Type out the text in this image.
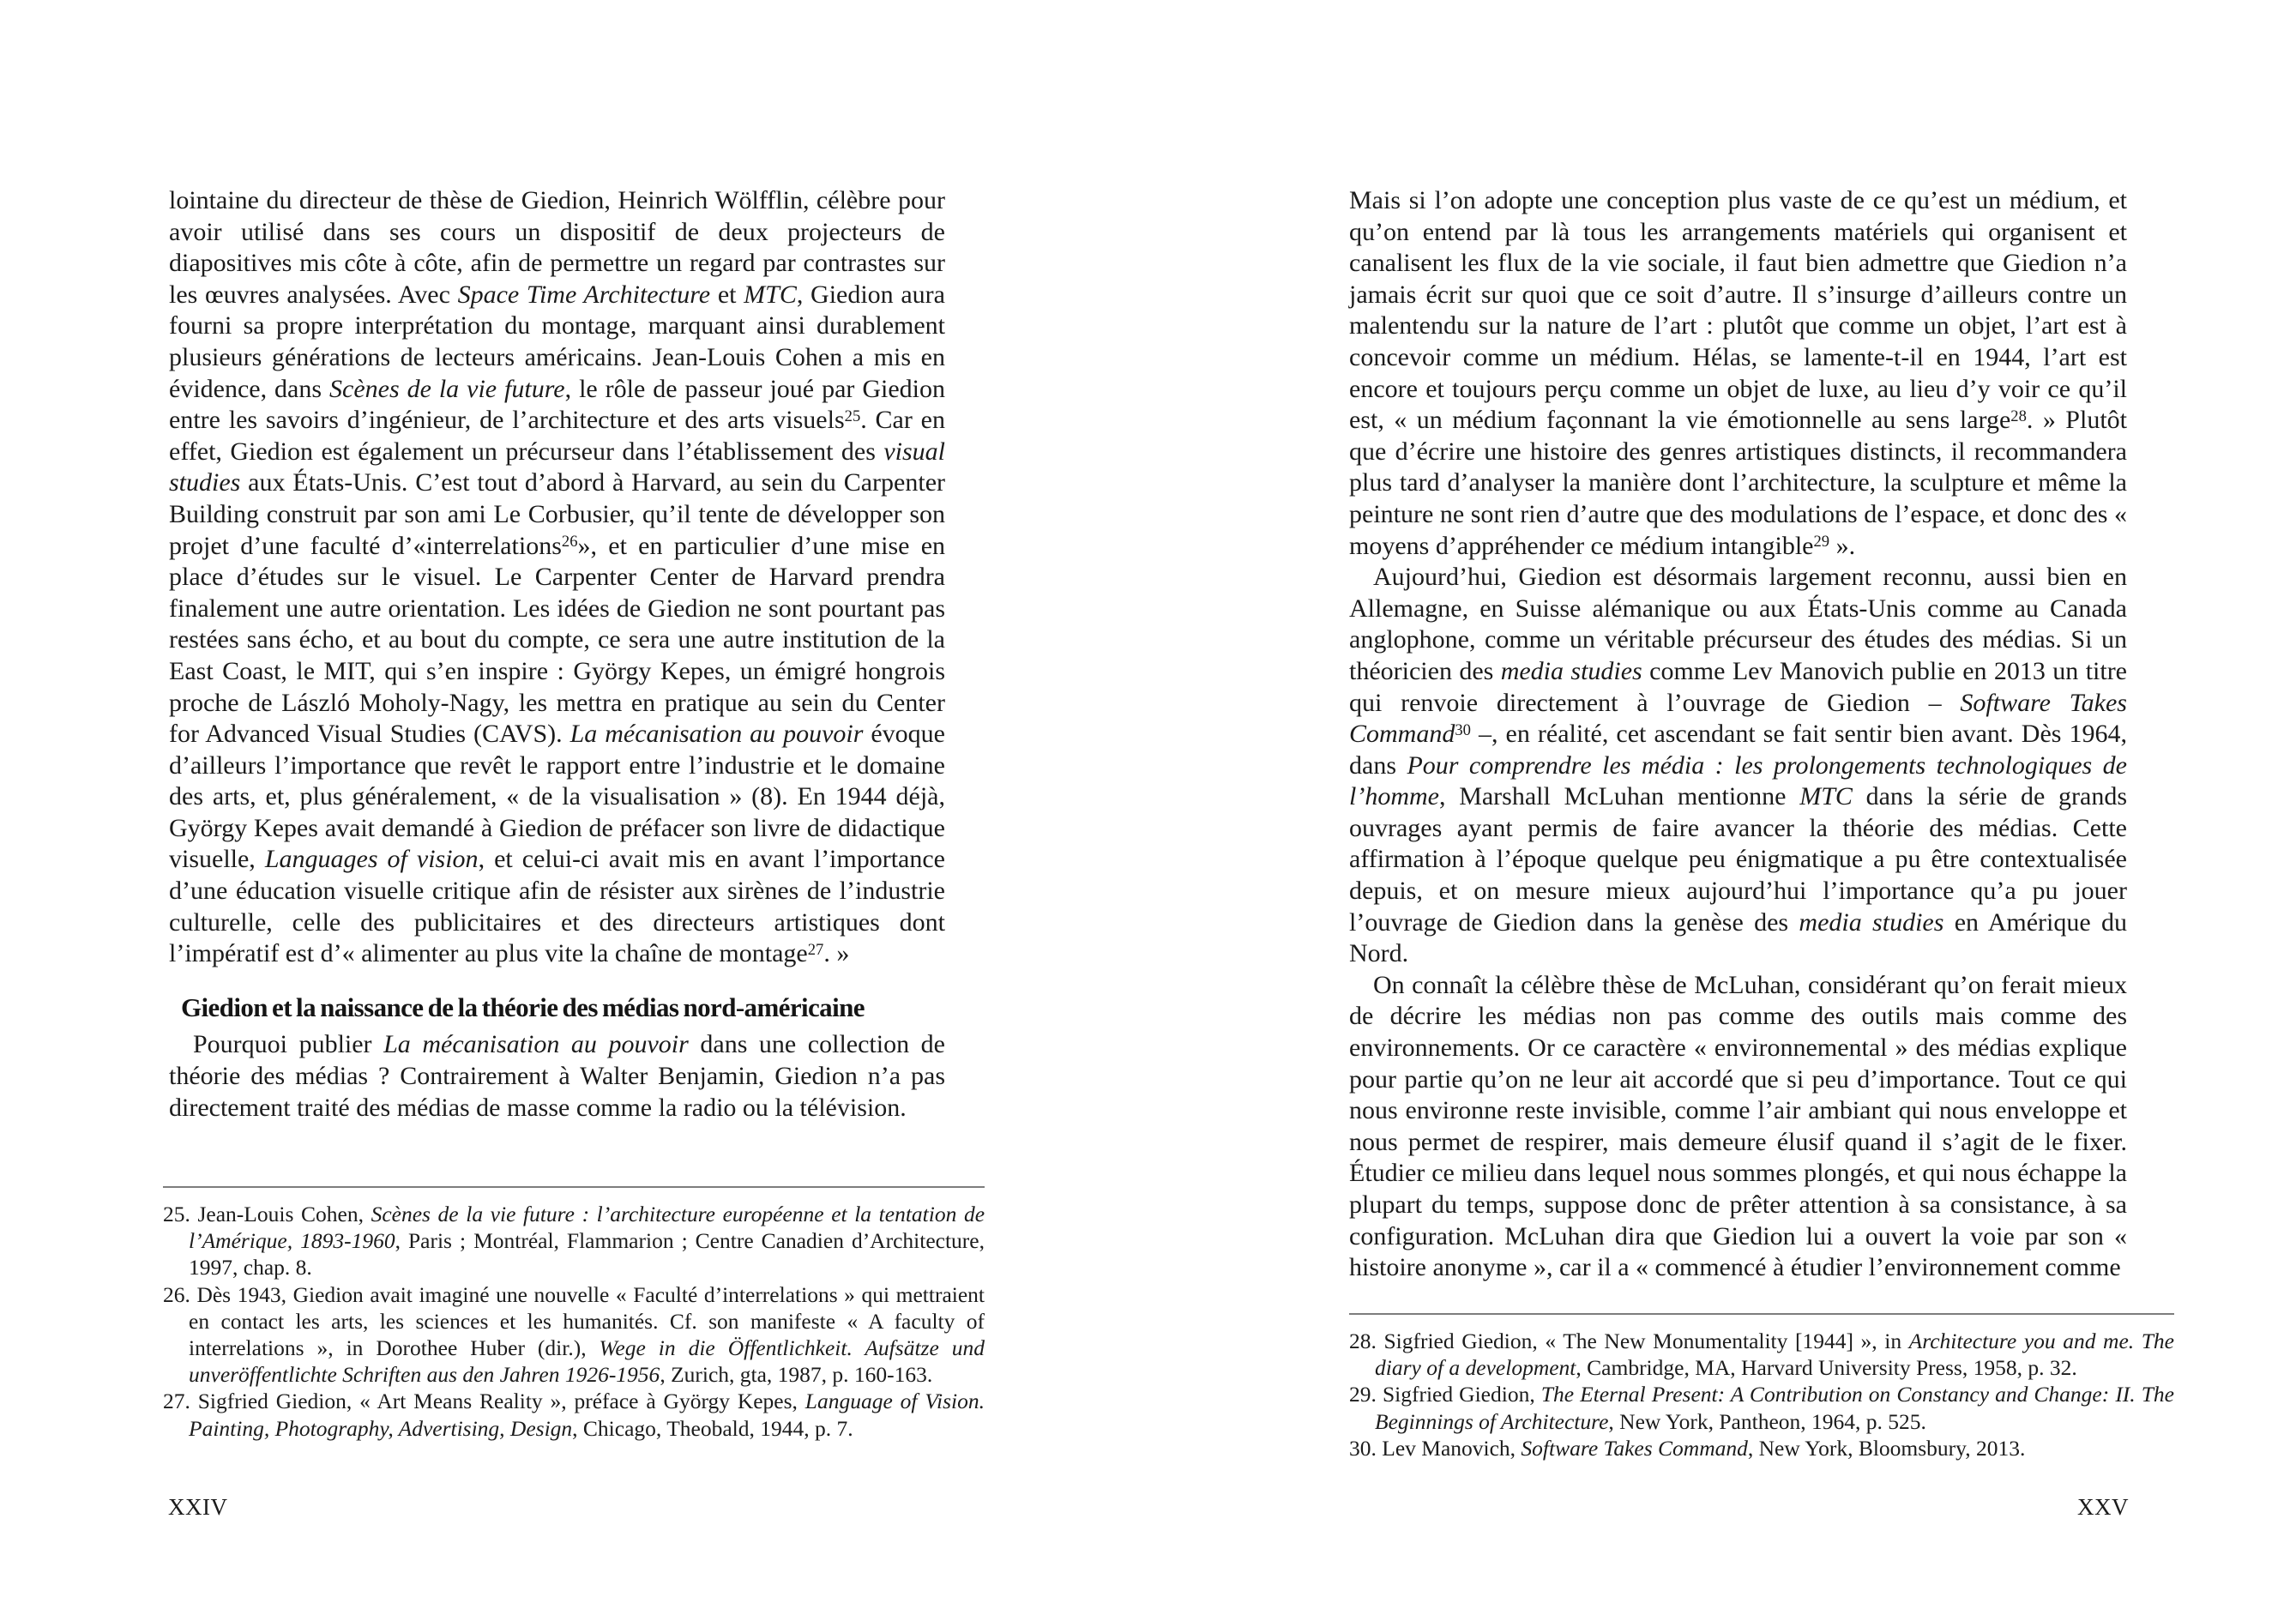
lointaine du directeur de thèse de Giedion, Heinrich Wölfflin, célèbre pour avoir utilisé dans ses cours un dispositif de deux projecteurs de diapositives mis côte à côte, afin de permettre un regard par contrastes sur les œuvres analysées. Avec Space Time Architecture et MTC, Giedion aura fourni sa propre interprétation du montage, marquant ainsi durablement plusieurs générations de lecteurs américains. Jean-Louis Cohen a mis en évidence, dans Scènes de la vie future, le rôle de passeur joué par Giedion entre les savoirs d’ingénieur, de l’architecture et des arts visuels$^{25}$. Car en effet, Giedion est également un précurseur dans l’établissement des visual studies aux États-Unis. C’est tout d’abord à Harvard, au sein du Carpenter Building construit par son ami Le Corbusier, qu’il tente de développer son projet d’une faculté d’«interrelations$^{26}$», et en particulier d’une mise en place d’études sur le visuel. Le Carpenter Center de Harvard prendra finalement une autre orientation. Les idées de Giedion ne sont pourtant pas restées sans écho, et au bout du compte, ce sera une autre institution de la East Coast, le MIT, qui s’en inspire : György Kepes, un émigré hongrois proche de László Moholy-Nagy, les mettra en pratique au sein du Center for Advanced Visual Studies (CAVS). La mécanisation au pouvoir évoque d’ailleurs l’importance que revêt le rapport entre l’industrie et le domaine des arts, et, plus généralement, « de la visualisation » (8). En 1944 déjà, György Kepes avait demandé à Giedion de préfacer son livre de didactique visuelle, Languages of vision, et celui-ci avait mis en avant l’importance d’une éducation visuelle critique afin de résister aux sirènes de l’industrie culturelle, celle des publicitaires et des directeurs artistiques dont l’impératif est d’« alimenter au plus vite la chaîne de montage$^{27}$. »

Giedion et la naissance de la théorie des médias nord-américaine

Pourquoi publier La mécanisation au pouvoir dans une collection de théorie des médias ? Contrairement à Walter Benjamin, Giedion n’a pas directement traité des médias de masse comme la radio ou la télévision.

25. Jean-Louis Cohen, Scènes de la vie future : l’architecture européenne et la tentation de l’Amérique, 1893-1960, Paris ; Montréal, Flammarion ; Centre Canadien d’Architecture, 1997, chap. 8.

26. Dès 1943, Giedion avait imaginé une nouvelle « Faculté d’interrelations » qui mettraient en contact les arts, les sciences et les humanités. Cf. son manifeste « A faculty of interrelations », in Dorothee Huber (dir.), Wege in die Öffentlichkeit. Aufsätze und unveröffentlichte Schriften aus den Jahren 1926-1956, Zurich, gta, 1987, p. 160-163.

27. Sigfried Giedion, « Art Means Reality », préface à György Kepes, Language of Vision. Painting, Photography, Advertising, Design, Chicago, Theobald, 1944, p. 7.

XXIV

Mais si l’on adopte une conception plus vaste de ce qu’est un médium, et qu’on entend par là tous les arrangements matériels qui organisent et canalisent les flux de la vie sociale, il faut bien admettre que Giedion n’a jamais écrit sur quoi que ce soit d’autre. Il s’insurge d’ailleurs contre un malentendu sur la nature de l’art : plutôt que comme un objet, l’art est à concevoir comme un médium. Hélas, se lamente-t-il en 1944, l’art est encore et toujours perçu comme un objet de luxe, au lieu d’y voir ce qu’il est, « un médium façonnant la vie émotionnelle au sens large$^{28}$. » Plutôt que d’écrire une histoire des genres artistiques distincts, il recommandera plus tard d’analyser la manière dont l’architecture, la sculpture et même la peinture ne sont rien d’autre que des modulations de l’espace, et donc des « moyens d’appréhender ce médium intangible$^{29}$ ».

Aujourd’hui, Giedion est désormais largement reconnu, aussi bien en Allemagne, en Suisse alémanique ou aux États-Unis comme au Canada anglophone, comme un véritable précurseur des études des médias. Si un théoricien des media studies comme Lev Manovich publie en 2013 un titre qui renvoie directement à l’ouvrage de Giedion – Software Takes Command$^{30}$ –, en réalité, cet ascendant se fait sentir bien avant. Dès 1964, dans Pour comprendre les média : les prolongements technologiques de l’homme, Marshall McLuhan mentionne MTC dans la série de grands ouvrages ayant permis de faire avancer la théorie des médias. Cette affirmation à l’époque quelque peu énigmatique a pu être contextualisée depuis, et on mesure mieux aujourd’hui l’importance qu’a pu jouer l’ouvrage de Giedion dans la genèse des media studies en Amérique du Nord.

On connaît la célèbre thèse de McLuhan, considérant qu’on ferait mieux de décrire les médias non pas comme des outils mais comme des environnements. Or ce caractère « environnemental » des médias explique pour partie qu’on ne leur ait accordé que si peu d’importance. Tout ce qui nous environne reste invisible, comme l’air ambiant qui nous enveloppe et nous permet de respirer, mais demeure élusif quand il s’agit de le fixer. Étudier ce milieu dans lequel nous sommes plongés, et qui nous échappe la plupart du temps, suppose donc de prêter attention à sa consistance, à sa configuration. McLuhan dira que Giedion lui a ouvert la voie par son « histoire anonyme », car il a « commencé à étudier l’environnement comme

28. Sigfried Giedion, « The New Monumentality [1944] », in Architecture you and me. The diary of a development, Cambridge, MA, Harvard University Press, 1958, p. 32.

29. Sigfried Giedion, The Eternal Present: A Contribution on Constancy and Change: II. The Beginnings of Architecture, New York, Pantheon, 1964, p. 525.

30. Lev Manovich, Software Takes Command, New York, Bloomsbury, 2013.

XXV
